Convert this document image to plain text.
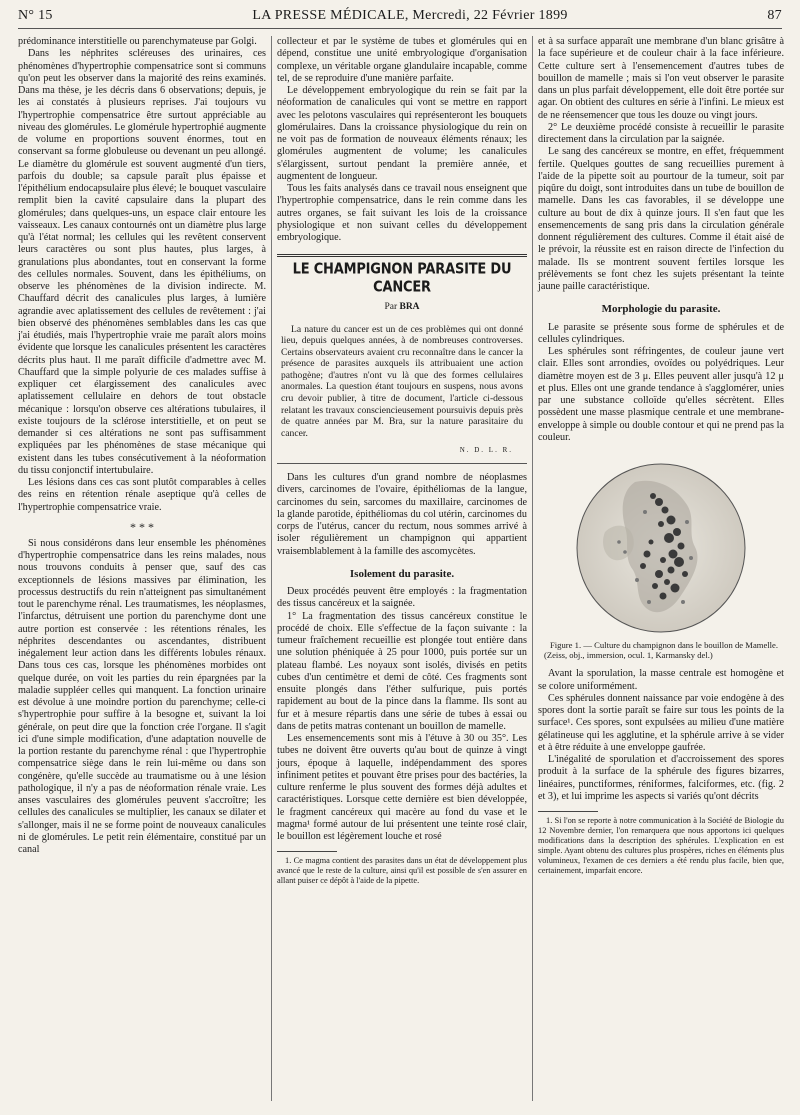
N° 15	LA PRESSE MÉDICALE, Mercredi, 22 Février 1899	87

prédominance interstitielle ou parenchymateuse par Golgi.

Dans les néphrites scléreuses des urinaires, ces phénomènes d'hypertrophie compensatrice sont si communs qu'on peut les observer dans la majorité des reins examinés. Dans ma thèse, je les décris dans 6 observations; depuis, je les ai constatés à plusieurs reprises. J'ai toujours vu l'hypertrophie compensatrice être surtout appréciable au niveau des glomérules. Le glomérule hypertrophié augmente de volume en proportions souvent énormes, tout en conservant sa forme globuleuse ou devenant un peu allongé. Le diamètre du glomérule est souvent augmenté d'un tiers, parfois du double; sa capsule paraît plus épaisse et l'épithélium endocapsulaire plus élevé; le bouquet vasculaire remplit bien la cavité capsulaire dans la plupart des glomérules; dans quelques-uns, un espace clair entoure les vaisseaux. Les canaux contournés ont un diamètre plus large qu'à l'état normal; les cellules qui les revêtent conservent leurs caractères ou sont plus hautes, plus larges, à granulations plus abondantes, tout en conservant la forme des cellules normales. Souvent, dans les épithéliums, on observe les phénomènes de la division indirecte. M. Chauffard décrit des canalicules plus larges, à lumière agrandie avec aplatissement des cellules de revêtement : j'ai bien observé des phénomènes semblables dans les cas que j'ai étudiés, mais l'hypertrophie vraie me paraît alors moins évidente que lorsque les canalicules présentent les caractères décrits plus haut. Il me paraît difficile d'admettre avec M. Chauffard que la simple polyurie de ces malades suffise à expliquer cet élargissement des canalicules avec aplatissement cellulaire en dehors de tout obstacle mécanique : lorsqu'on observe ces altérations tubulaires, il existe toujours de la sclérose interstitielle, et on peut se demander si ces altérations ne sont pas suffisamment expliquées par les phénomènes de stase mécanique qui existent dans les tubes consécutivement à la néoformation du tissu conjonctif intertubulaire.

Les lésions dans ces cas sont plutôt comparables à celles des reins en rétention rénale aseptique qu'à celles de l'hypertrophie compensatrice vraie.

* * *

Si nous considérons dans leur ensemble les phénomènes d'hypertrophie compensatrice dans les reins malades, nous nous trouvons conduits à penser que, sauf des cas exceptionnels de lésions massives par élimination, les processus destructifs du rein n'atteignent pas simultanément tout le parenchyme rénal. Les traumatismes, les néoplasmes, l'infarctus, détruisent une portion du parenchyme dont une autre portion est conservée : les rétentions rénales, les néphrites descendantes ou ascendantes, distribuent inégalement leur action dans les différents lobules rénaux. Dans tous ces cas, lorsque les phénomènes morbides ont quelque durée, on voit les parties du rein épargnées par la maladie suppléer celles qui manquent. La fonction urinaire est dévolue à une moindre portion du parenchyme; celle-ci s'hypertrophie pour suffire à la besogne et, suivant la loi générale, on peut dire que la fonction crée l'organe. Il s'agit ici d'une simple modification, d'une adaptation nouvelle de la portion restante du parenchyme rénal : que l'hypertrophie compensatrice siège dans le rein lui-même ou dans son congénère, qu'elle succède au traumatisme ou à une lésion pathologique, il n'y a pas de néoformation rénale vraie. Les anses vasculaires des glomérules peuvent s'accroître; les cellules des canalicules se multiplier, les canaux se dilater et s'allonger, mais il ne se forme point de nouveaux canalicules ni de glomérules. Le petit rein élémentaire, constitué par un canal

collecteur et par le système de tubes et glomérules qui en dépend, constitue une unité embryologique d'organisation complexe, un véritable organe glandulaire incapable, comme tel, de se reproduire d'une manière parfaite.

Le développement embryologique du rein se fait par la néoformation de canalicules qui vont se mettre en rapport avec les pelotons vasculaires qui représenteront les bouquets glomérulaires. Dans la croissance physiologique du rein on ne voit pas de formation de nouveaux éléments rénaux; les glomérules augmentent de volume; les canalicules s'élargissent, surtout pendant la première année, et augmentent de longueur.

Tous les faits analysés dans ce travail nous enseignent que l'hypertrophie compensatrice, dans le rein comme dans les autres organes, se fait suivant les lois de la croissance physiologique et non suivant celles du développement embryologique.

LE CHAMPIGNON PARASITE DU CANCER
Par BRA

La nature du cancer est un de ces problèmes qui ont donné lieu, depuis quelques années, à de nombreuses controverses. Certains observateurs avaient cru reconnaître dans le cancer la présence de parasites auxquels ils attribuaient une action pathogène; d'autres n'ont vu là que des formes cellulaires anormales. La question étant toujours en suspens, nous avons cru devoir publier, à titre de document, l'article ci-dessous relatant les travaux consciencieusement poursuivis depuis près de quatre années par M. Bra, sur la nature parasitaire du cancer.

N. D. L. R.

Dans les cultures d'un grand nombre de néoplasmes divers, carcinomes de l'ovaire, épithéliomas de la langue, carcinomes du sein, sarcomes du maxillaire, carcinomes de la glande parotide, épithéliomas du col utérin, carcinomes du corps de l'utérus, cancer du rectum, nous sommes arrivé à isoler régulièrement un champignon qui appartient vraisemblablement à la famille des ascomycètes.

Isolement du parasite.

Deux procédés peuvent être employés : la fragmentation des tissus cancéreux et la saignée.

1° La fragmentation des tissus cancéreux constitue le procédé de choix. Elle s'effectue de la façon suivante : la tumeur fraîchement recueillie est plongée tout entière dans une solution phéniquée à 25 pour 1000, puis portée sur un plateau flambé. Les noyaux sont isolés, divisés en petits cubes d'un centimètre et demi de côté. Ces fragments sont ensuite plongés dans l'éther sulfurique, puis portés rapidement au bout de la pince dans la flamme. Ils sont au fur et à mesure répartis dans une série de tubes à essai ou dans de petits matras contenant un bouillon de mamelle.

Les ensemencements sont mis à l'étuve à 30 ou 35°. Les tubes ne doivent être ouverts qu'au bout de quinze à vingt jours, époque à laquelle, indépendamment des spores infiniment petites et pouvant être prises pour des bactéries, la culture renferme le plus souvent des formes déjà adultes et caractéristiques. Lorsque cette dernière est bien développée, le fragment cancéreux qui macère au fond du vase et le magma¹ formé autour de lui présentent une teinte rosé clair, le bouillon est légèrement louche et rosé

1. Ce magma contient des parasites dans un état de développement plus avancé que le reste de la culture, ainsi qu'il est possible de s'en assurer en allant puiser ce dépôt à l'aide de la pipette.

et à sa surface apparaît une membrane d'un blanc grisâtre à la face supérieure et de couleur chair à la face inférieure. Cette culture sert à l'ensemencement d'autres tubes de bouillon de mamelle ; mais si l'on veut observer le parasite dans un plus parfait développement, elle doit être portée sur agar. On obtient des cultures en série à l'infini. Le mieux est de ne réensemencer que tous les douze ou vingt jours.

2° Le deuxième procédé consiste à recueillir le parasite directement dans la circulation par la saignée.

Le sang des cancéreux se montre, en effet, fréquemment fertile. Quelques gouttes de sang recueillies purement à l'aide de la pipette soit au pourtour de la tumeur, soit par piqûre du doigt, sont introduites dans un tube de bouillon de mamelle. Dans les cas favorables, il se développe une culture au bout de dix à quinze jours. Il s'en faut que les ensemencements de sang pris dans la circulation générale donnent régulièrement des cultures. Comme il était aisé de le prévoir, la réussite est en raison directe de l'infection du malade. Ils se montrent souvent fertiles lorsque les prélèvements se font chez les sujets présentant la teinte jaune paille caractéristique.

Morphologie du parasite.

Le parasite se présente sous forme de sphérules et de cellules cylindriques.

Les sphérules sont réfringentes, de couleur jaune vert clair. Elles sont arrondies, ovoïdes ou polyédriques. Leur diamètre moyen est de 3 μ. Elles peuvent aller jusqu'à 12 μ et plus. Elles ont une grande tendance à s'agglomérer, unies par une substance colloïde qu'elles sécrètent. Elles possèdent une masse plasmique centrale et une membrane-enveloppe à simple ou double contour et qui ne prend pas la couleur.

Figure 1. — Culture du champignon dans le bouillon de Mamelle. (Zeiss, obj., immersion, ocul. 1, Karmansky del.)

Avant la sporulation, la masse centrale est homogène et se colore uniformément.

Ces sphérules donnent naissance par voie endogène à des spores dont la sortie paraît se faire sur tous les points de la surface¹. Ces spores, sont expulsées au milieu d'une matière gélatineuse qui les agglutine, et la sphérule arrive à se vider et à être réduite à une enveloppe gaufrée.

L'inégalité de sporulation et d'accroissement des spores produit à la surface de la sphérule des figures bizarres, linéaires, punctiformes, réniformes, falciformes, etc. (fig. 2 et 3), et lui imprime les aspects si variés qu'ont décrits

1. Si l'on se reporte à notre communication à la Société de Biologie du 12 Novembre dernier, l'on remarquera que nous apportons ici quelques modifications dans la description des sphérules. L'explication en est simple. Ayant obtenu des cultures plus prospères, riches en éléments plus volumineux, l'examen de ces derniers a été rendu plus facile, bien que, certainement, imparfait encore.
